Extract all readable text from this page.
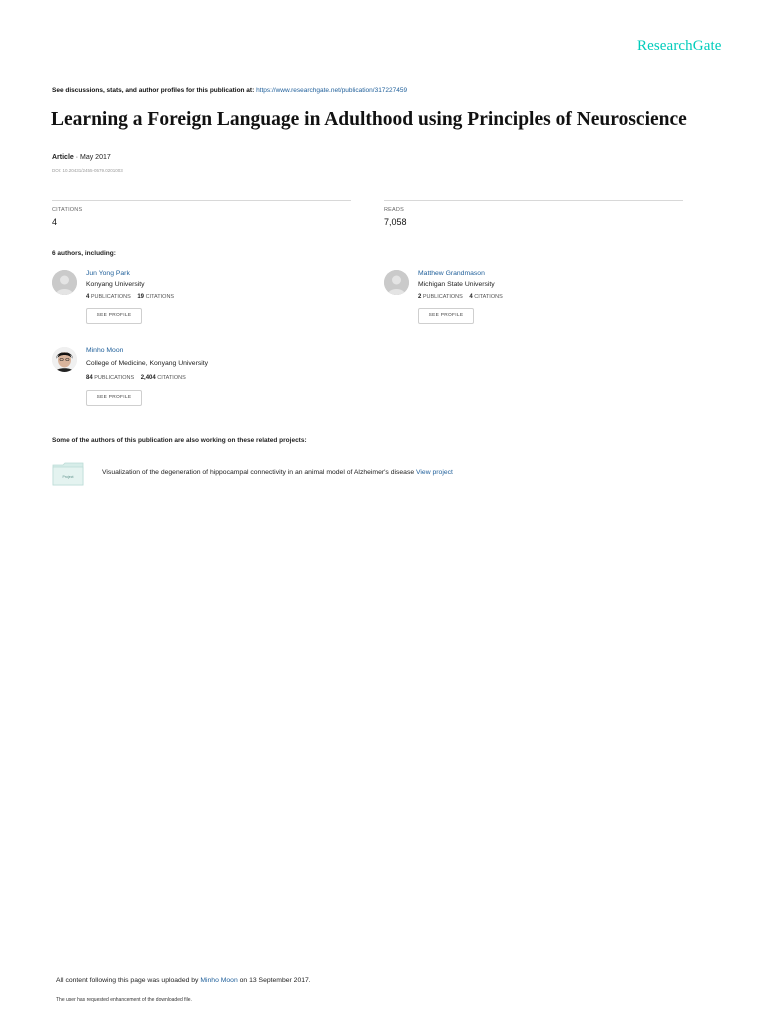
ResearchGate
See discussions, stats, and author profiles for this publication at: https://www.researchgate.net/publication/317227459
Learning a Foreign Language in Adulthood using Principles of Neuroscience
Article · May 2017
DOI: 10.20431/2455-0579.0201003
CITATIONS
4
READS
7,058
6 authors, including:
Jun Yong Park
Konyang University
4 PUBLICATIONS 19 CITATIONS
SEE PROFILE
Matthew Grandmason
Michigan State University
2 PUBLICATIONS 4 CITATIONS
SEE PROFILE
Minho Moon
College of Medicine, Konyang University
84 PUBLICATIONS 2,404 CITATIONS
SEE PROFILE
Some of the authors of this publication are also working on these related projects:
Project
Visualization of the degeneration of hippocampal connectivity in an animal model of Alzheimer's disease View project
All content following this page was uploaded by Minho Moon on 13 September 2017.
The user has requested enhancement of the downloaded file.
